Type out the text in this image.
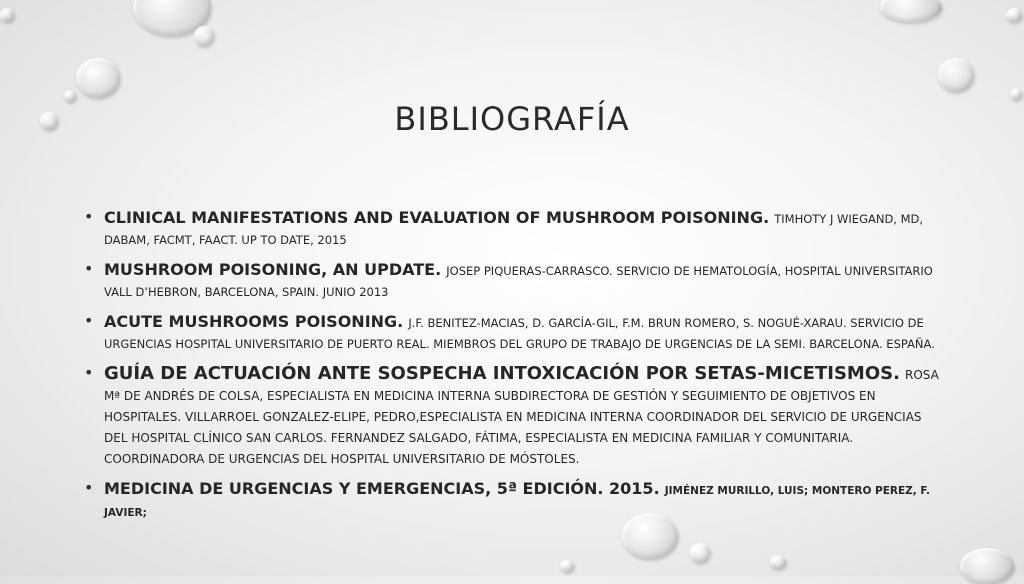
BIBLIOGRAFÍA
• CLINICAL MANIFESTATIONS AND EVALUATION OF MUSHROOM POISONING. TIMHOTY J WIEGAND, MD, DABAM, FACMT, FAACT. UP TO DATE, 2015
• MUSHROOM POISONING, AN UPDATE. JOSEP PIQUERAS-CARRASCO. SERVICIO DE HEMATOLOGÍA, HOSPITAL UNIVERSITARIO VALL D’HEBRON, BARCELONA, SPAIN. JUNIO 2013
• ACUTE MUSHROOMS POISONING. J.F. BENITEZ-MACIAS, D. GARCÍA-GIL, F.M. BRUN ROMERO, S. NOGUÉ-XARAU. SERVICIO DE URGENCIAS HOSPITAL UNIVERSITARIO DE PUERTO REAL. MIEMBROS DEL GRUPO DE TRABAJO DE URGENCIAS DE LA SEMI. BARCELONA. ESPAÑA.
• GUÍA DE ACTUACIÓN ANTE SOSPECHA INTOXICACIÓN POR SETAS-MICETISMOS. ROSA Mª DE ANDRÉS DE COLSA, ESPECIALISTA EN MEDICINA INTERNA SUBDIRECTORA DE GESTIÓN Y SEGUIMIENTO DE OBJETIVOS EN HOSPITALES. VILLARROEL GONZALEZ-ELIPE, PEDRO,ESPECIALISTA EN MEDICINA INTERNA COORDINADOR DEL SERVICIO DE URGENCIAS DEL HOSPITAL CLÍNICO SAN CARLOS. FERNANDEZ SALGADO, FÁTIMA, ESPECIALISTA EN MEDICINA FAMILIAR Y COMUNITARIA. COORDINADORA DE URGENCIAS DEL HOSPITAL UNIVERSITARIO DE MÓSTOLES.
• MEDICINA DE URGENCIAS Y EMERGENCIAS, 5ª EDICIÓN. 2015. JIMÉNEZ MURILLO, LUIS; MONTERO PEREZ, F. JAVIER;
